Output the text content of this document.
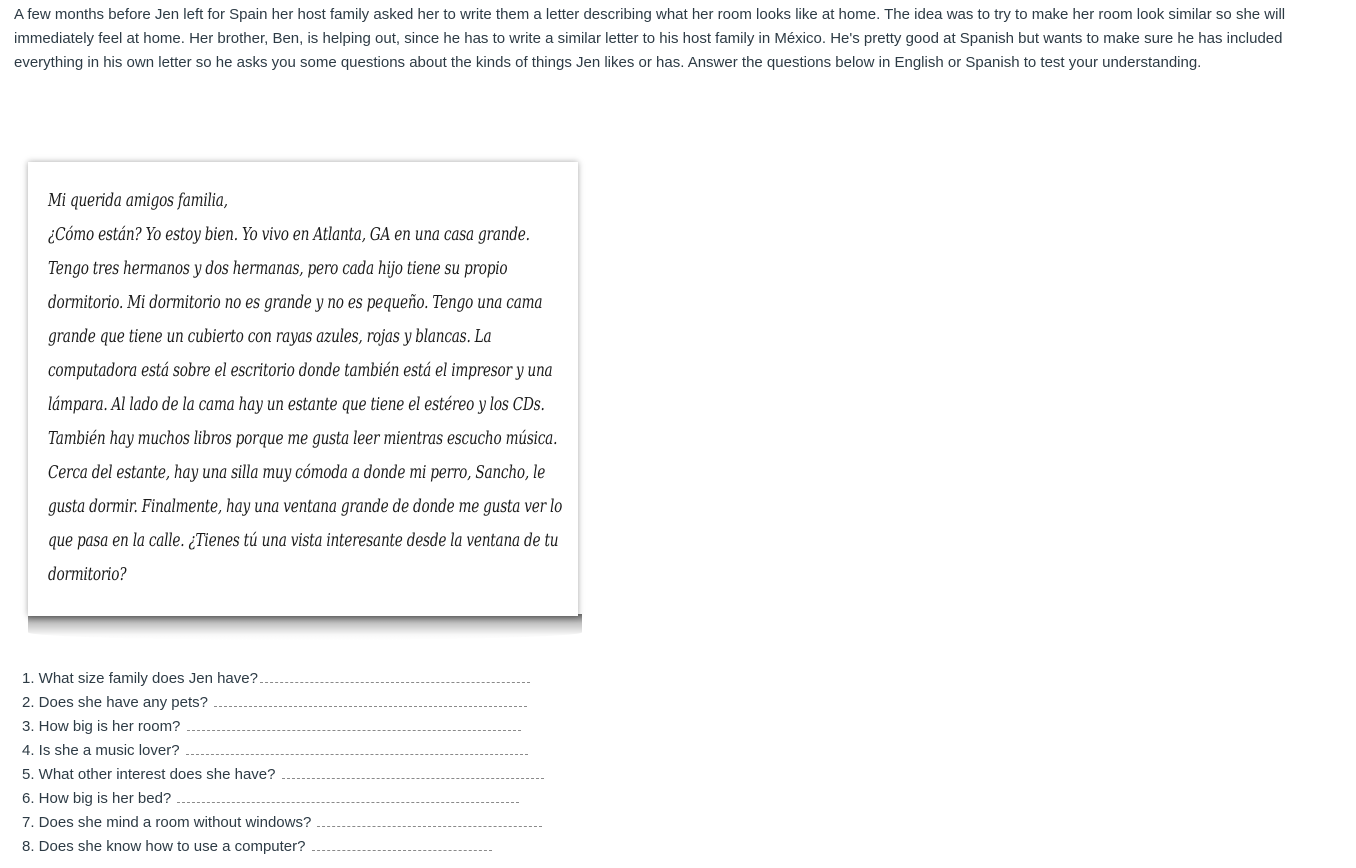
A few months before Jen left for Spain her host family asked her to write them a letter describing what her room looks like at home. The idea was to try to make her room look similar so she will immediately feel at home. Her brother, Ben, is helping out, since he has to write a similar letter to his host family in México. He's pretty good at Spanish but wants to make sure he has included everything in his own letter so he asks you some questions about the kinds of things Jen likes or has. Answer the questions below in English or Spanish to test your understanding.

Mi querida amigos familia,
¿Cómo están? Yo estoy bien. Yo vivo en Atlanta, GA en una casa grande.
Tengo tres hermanos y dos hermanas, pero cada hijo tiene su propio
dormitorio. Mi dormitorio no es grande y no es pequeño. Tengo una cama
grande que tiene un cubierto con rayas azules, rojas y blancas. La
computadora está sobre el escritorio donde también está el impresor y una
lámpara. Al lado de la cama hay un estante que tiene el estéreo y los CDs.
También hay muchos libros porque me gusta leer mientras escucho música.
Cerca del estante, hay una silla muy cómoda a donde mi perro, Sancho, le
gusta dormir. Finalmente, hay una ventana grande de donde me gusta ver lo
que pasa en la calle. ¿Tienes tú una vista interesante desde la ventana de tu
dormitorio?
1. What size family does Jen have?
2. Does she have any pets?
3. How big is her room?
4. Is she a music lover?
5. What other interest does she have?
6. How big is her bed?
7. Does she mind a room without windows?
8. Does she know how to use a computer?
